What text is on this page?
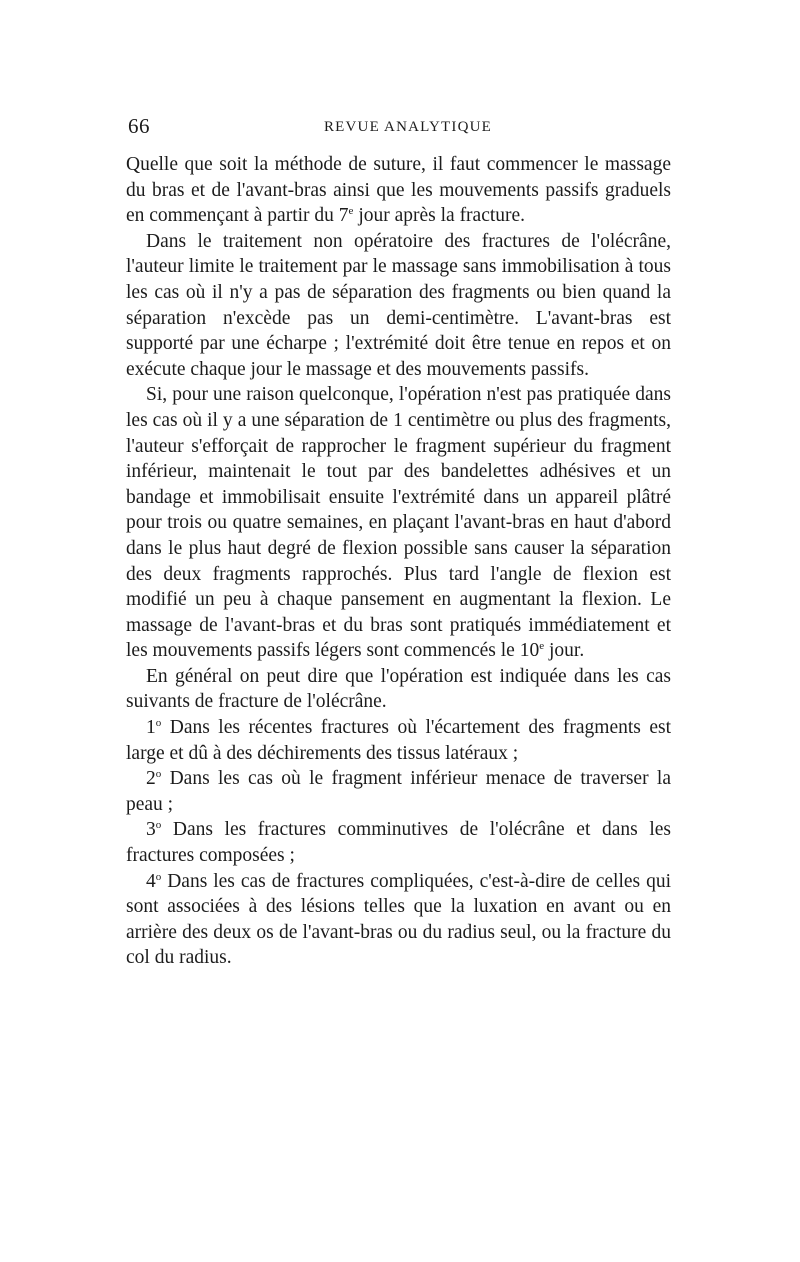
66	REVUE ANALYTIQUE

Quelle que soit la méthode de suture, il faut commencer le massage du bras et de l'avant-bras ainsi que les mouvements passifs graduels en commençant à partir du 7e jour après la fracture.

Dans le traitement non opératoire des fractures de l'olécrâne, l'auteur limite le traitement par le massage sans immobilisation à tous les cas où il n'y a pas de séparation des fragments ou bien quand la séparation n'excède pas un demi-centimètre. L'avant-bras est supporté par une écharpe ; l'extrémité doit être tenue en repos et on exécute chaque jour le massage et des mouvements passifs.

Si, pour une raison quelconque, l'opération n'est pas pratiquée dans les cas où il y a une séparation de 1 centimètre ou plus des fragments, l'auteur s'efforçait de rapprocher le fragment supérieur du fragment inférieur, maintenait le tout par des bandelettes adhésives et un bandage et immobilisait ensuite l'extrémité dans un appareil plâtré pour trois ou quatre semaines, en plaçant l'avant-bras en haut d'abord dans le plus haut degré de flexion possible sans causer la séparation des deux fragments rapprochés. Plus tard l'angle de flexion est modifié un peu à chaque pansement en augmentant la flexion. Le massage de l'avant-bras et du bras sont pratiqués immédiatement et les mouvements passifs légers sont commencés le 10e jour.

En général on peut dire que l'opération est indiquée dans les cas suivants de fracture de l'olécrâne.

1$^o$ Dans les récentes fractures où l'écartement des fragments est large et dû à des déchirements des tissus latéraux ;

2$^o$ Dans les cas où le fragment inférieur menace de traverser la peau ;

3$^o$ Dans les fractures comminutives de l'olécrâne et dans les fractures composées ;

4$^o$ Dans les cas de fractures compliquées, c'est-à-dire de celles qui sont associées à des lésions telles que la luxation en avant ou en arrière des deux os de l'avant-bras ou du radius seul, ou la fracture du col du radius.
